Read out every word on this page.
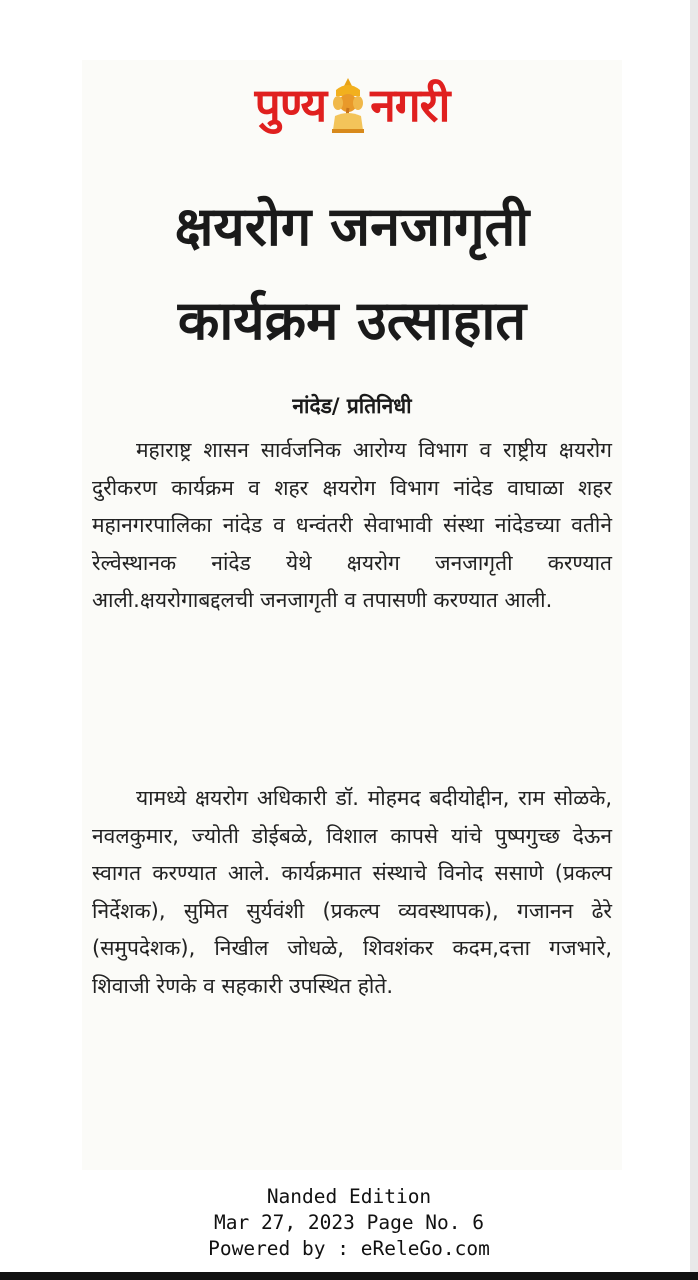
पुण्य नगरी
क्षयरोग जनजागृती
कार्यक्रम उत्साहात
नांदेड/ प्रतिनिधी
महाराष्ट्र शासन सार्वजनिक आरोग्य विभाग व राष्ट्रीय क्षयरोग दुरीकरण कार्यक्रम व शहर क्षयरोग विभाग नांदेड वाघाळा शहर महानगरपालिका नांदेड व धन्वंतरी सेवाभावी संस्था नांदेडच्या वतीने रेल्वेस्थानक नांदेड येथे क्षयरोग जनजागृती करण्यात आली.क्षयरोगाबद्दलची जनजागृती व तपासणी करण्यात आली.
यामध्ये क्षयरोग अधिकारी डॉ. मोहमद बदीयोद्दीन, राम सोळके, नवलकुमार, ज्योती डोईबळे, विशाल कापसे यांचे पुष्पगुच्छ देऊन स्वागत करण्यात आले. कार्यक्रमात संस्थाचे विनोद ससाणे (प्रकल्प निर्देशक), सुमित सुर्यवंशी (प्रकल्प व्यवस्थापक), गजानन ढेरे (समुपदेशक), निखील जोधळे, शिवशंकर कदम,दत्ता गजभारे, शिवाजी रेणके व सहकारी उपस्थित होते.
Nanded Edition
Mar 27, 2023 Page No. 6
Powered by : eReleGo.com
